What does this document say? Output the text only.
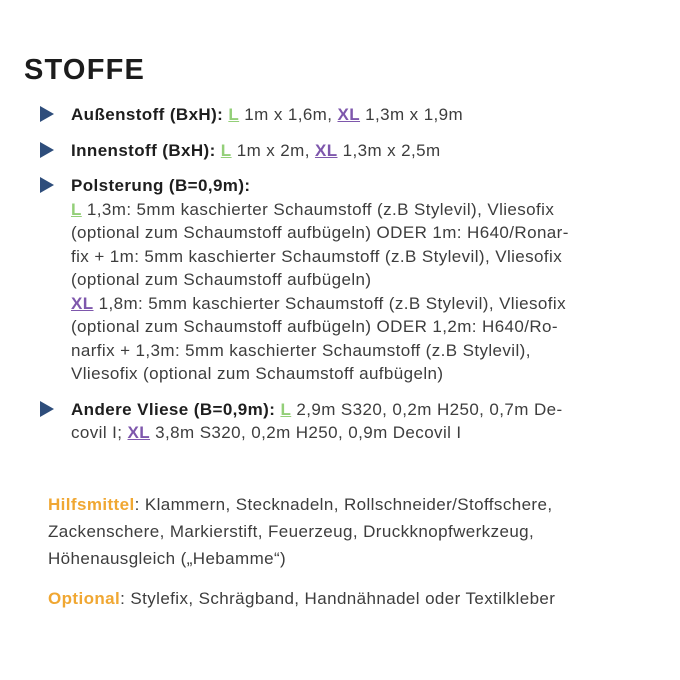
STOFFE
Außenstoff (BxH): L 1m x 1,6m, XL 1,3m x 1,9m
Innenstoff (BxH): L 1m x 2m, XL 1,3m x 2,5m
Polsterung (B=0,9m):
L 1,3m: 5mm kaschierter Schaumstoff (z.B Stylevil), Vliesofix
(optional zum Schaumstoff aufbügeln) ODER 1m: H640/Ronar-
fix + 1m: 5mm kaschierter Schaumstoff (z.B Stylevil), Vliesofix
(optional zum Schaumstoff aufbügeln)
XL 1,8m: 5mm kaschierter Schaumstoff (z.B Stylevil), Vliesofix
(optional zum Schaumstoff aufbügeln) ODER 1,2m: H640/Ro-
narfix + 1,3m: 5mm kaschierter Schaumstoff (z.B Stylevil),
Vliesofix (optional zum Schaumstoff aufbügeln)
Andere Vliese (B=0,9m): L 2,9m S320, 0,2m H250, 0,7m De-
covil I; XL 3,8m S320, 0,2m H250, 0,9m Decovil I
Hilfsmittel: Klammern, Stecknadeln, Rollschneider/Stoffschere,
Zackenschere, Markierstift, Feuerzeug, Druckknopfwerkzeug,
Höhenausgleich („Hebamme“)
Optional: Stylefix, Schrägband, Handnähnadel oder Textilkleber
